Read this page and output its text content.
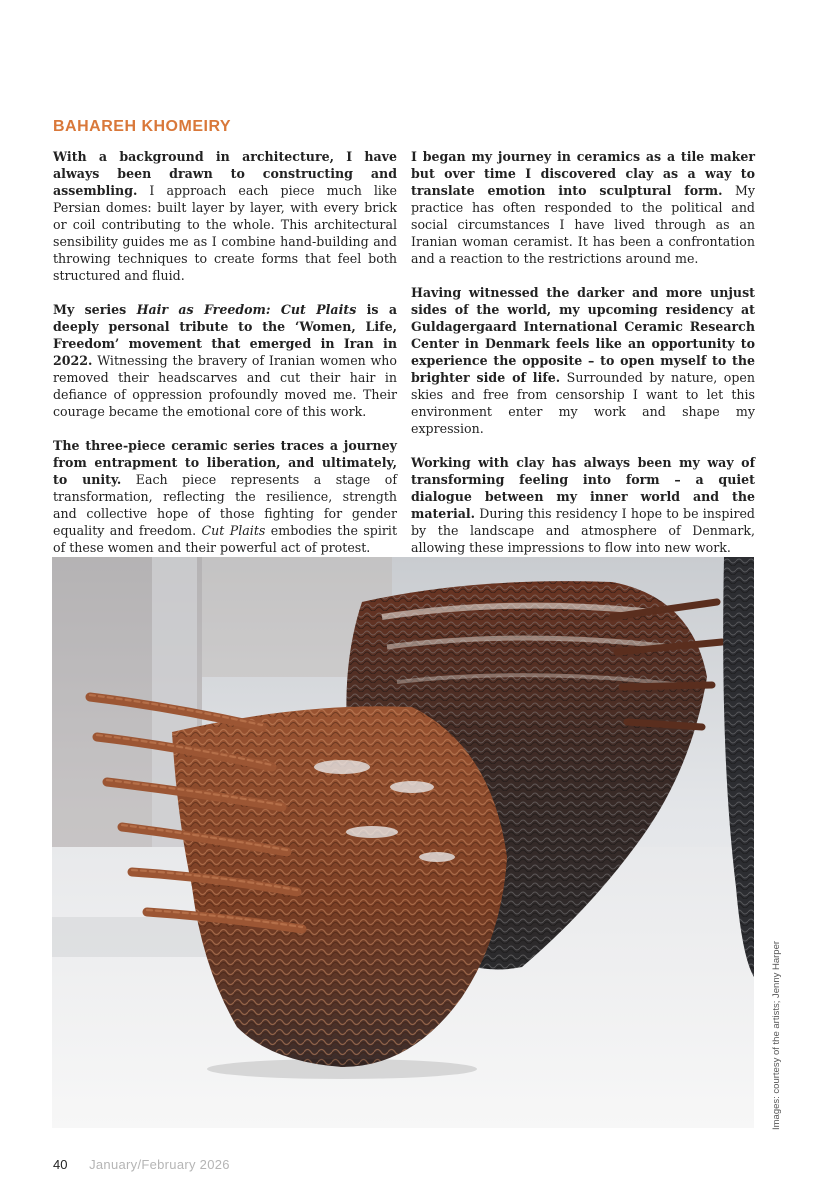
BAHAREH KHOMEIRY

With a background in architecture, I have always been drawn to constructing and assembling. I approach each piece much like Persian domes: built layer by layer, with every brick or coil contributing to the whole. This architectural sensibility guides me as I combine hand-building and throwing techniques to create forms that feel both structured and fluid.

My series Hair as Freedom: Cut Plaits is a deeply personal tribute to the ‘Women, Life, Freedom’ movement that emerged in Iran in 2022. Witnessing the bravery of Iranian women who removed their headscarves and cut their hair in defiance of oppression profoundly moved me. Their courage became the emotional core of this work.

The three-piece ceramic series traces a journey from entrapment to liberation, and ultimately, to unity. Each piece represents a stage of transformation, reflecting the resilience, strength and collective hope of those fighting for gender equality and freedom. Cut Plaits embodies the spirit of these women and their powerful act of protest.

I began my journey in ceramics as a tile maker but over time I discovered clay as a way to translate emotion into sculptural form. My practice has often responded to the political and social circumstances I have lived through as an Iranian woman ceramist. It has been a confrontation and a reaction to the restrictions around me.

Having witnessed the darker and more unjust sides of the world, my upcoming residency at Guldagergaard International Ceramic Research Center in Denmark feels like an opportunity to experience the opposite – to open myself to the brighter side of life. Surrounded by nature, open skies and free from censorship I want to let this environment enter my work and shape my expression.

Working with clay has always been my way of transforming feeling into form – a quiet dialogue between my inner world and the material. During this residency I hope to be inspired by the landscape and atmosphere of Denmark, allowing these impressions to flow into new work.

Images: courtesy of the artists; Jenny Harper
40 January/February 2026
